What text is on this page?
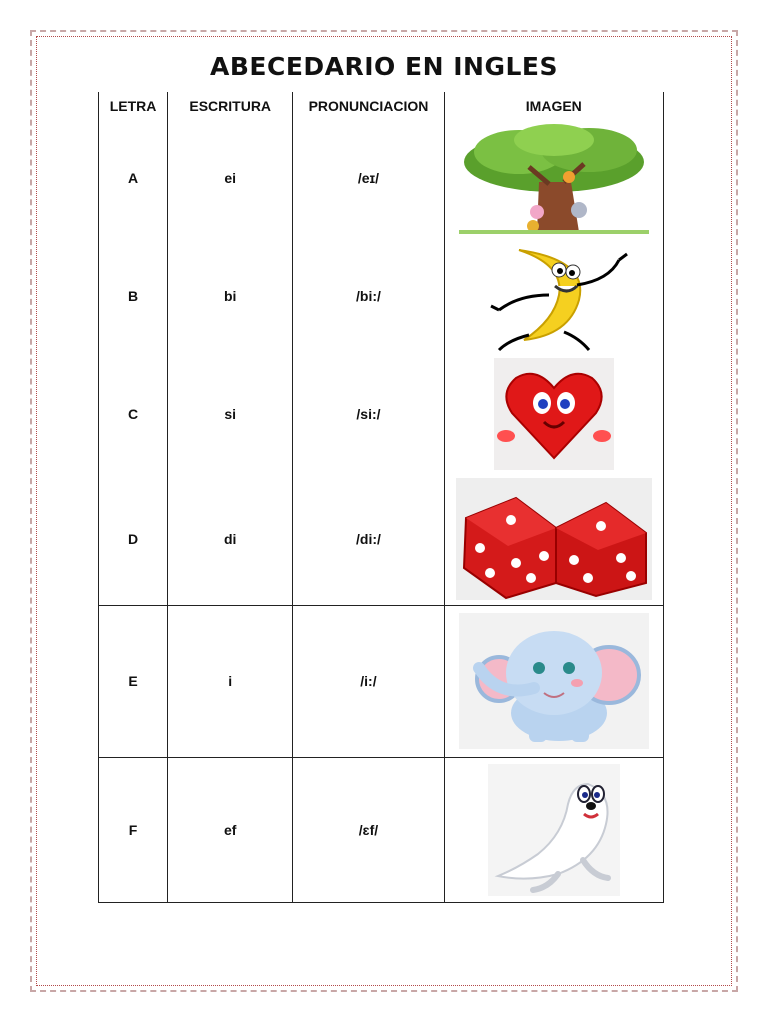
ABECEDARIO EN INGLES
LETRA	ESCRITURA	PRONUNCIACION	IMAGEN
A	ei	/eɪ/	

B	bi	/bi:/	

C	si	/si:/	

D	di	/di:/	

E	i	/i:/	

F	ef	/ɛf/	
